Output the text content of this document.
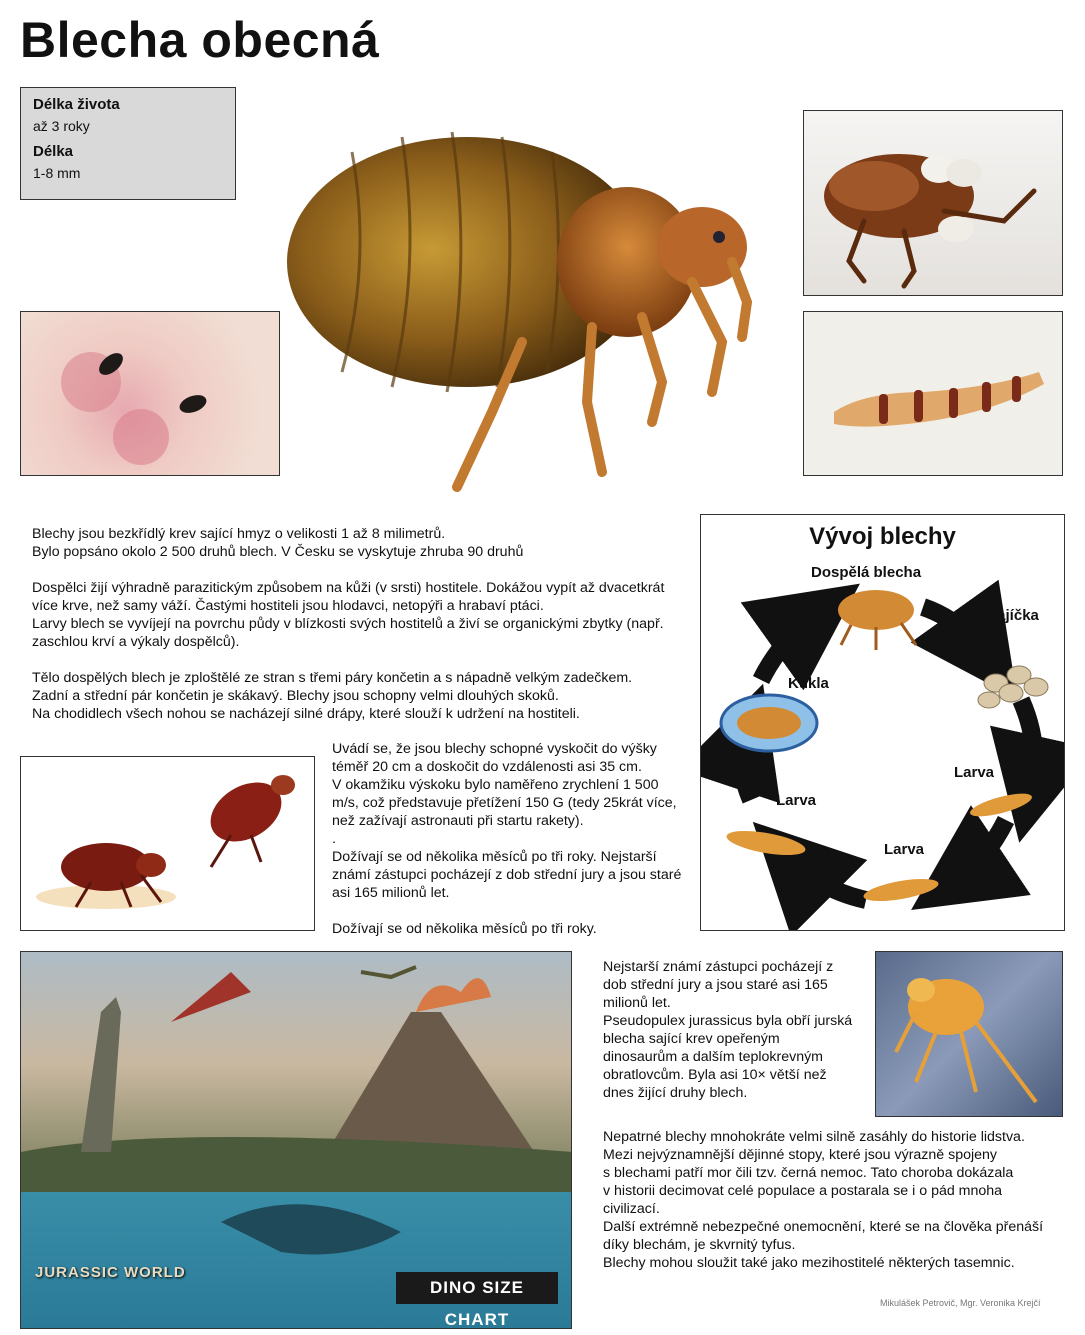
Blecha obecná
Délka života
až 3 roky
Délka
1-8 mm

Blechy jsou bezkřídlý krev sající hmyz o velikosti 1 až 8 milimetrů.
Bylo popsáno okolo 2 500 druhů blech. V Česku se vyskytuje zhruba 90 druhů

Dospělci žijí výhradně parazitickým způsobem na kůži (v srsti) hostitele. Dokážou vypít až dvacetkrát více krve, než samy váží. Častými hostiteli jsou hlodavci, netopýři a hrabaví ptáci.
Larvy blech se vyvíjejí na povrchu půdy v blízkosti svých hostitelů a živí se organickými zbytky (např. zaschlou krví a výkaly dospělců).

Tělo dospělých blech je zploštělé ze stran s třemi páry končetin a s nápadně velkým zadečkem.
Zadní a střední pár končetin je skákavý. Blechy jsou schopny velmi dlouhých skoků.
Na chodidlech všech nohou se nacházejí silné drápy, které slouží k udržení na hostiteli.

Uvádí se, že jsou blechy schopné vyskočit do výšky téměř 20 cm a doskočit do vzdálenosti asi 35 cm.
V okamžiku výskoku bylo naměřeno zrychlení 1 500 m/s, což představuje přetížení 150 G (tedy 25krát více, než zažívají astronauti při startu rakety).
.

Dožívají se od několika měsíců po tři roky. Nejstarší známí zástupci pocházejí z dob střední jury a jsou staré asi 165 milionů let.

Dožívají se od několika měsíců po tři roky.

Vývoj blechy
Dospělá blecha
Vajíčka
Kukla
Larva
Larva
Larva
JURASSIC WORLD
DINO SIZE CHART

Nejstarší známí zástupci pocházejí z dob střední jury a jsou staré asi 165 milionů let.
Pseudopulex jurassicus byla obří jurská blecha sající krev opeřeným dinosaurům a dalším teplokrevným obratlovcům. Byla asi 10× větší než dnes žijící druhy blech.

Nepatrné blechy mnohokráte velmi silně zasáhly do historie lidstva.
Mezi nejvýznamnější dějinné stopy, které jsou výrazně spojeny
s blechami patří mor čili tzv. černá nemoc. Tato choroba dokázala
v historii decimovat celé populace a postarala se i o pád mnoha
civilizací.
Další extrémně nebezpečné onemocnění, které se na člověka přenáší
díky blechám, je skvrnitý tyfus.
Blechy mohou sloužit také jako mezihostitelé některých tasemnic.

Mikulášek Petrovič, Mgr. Veronika Krejčí
